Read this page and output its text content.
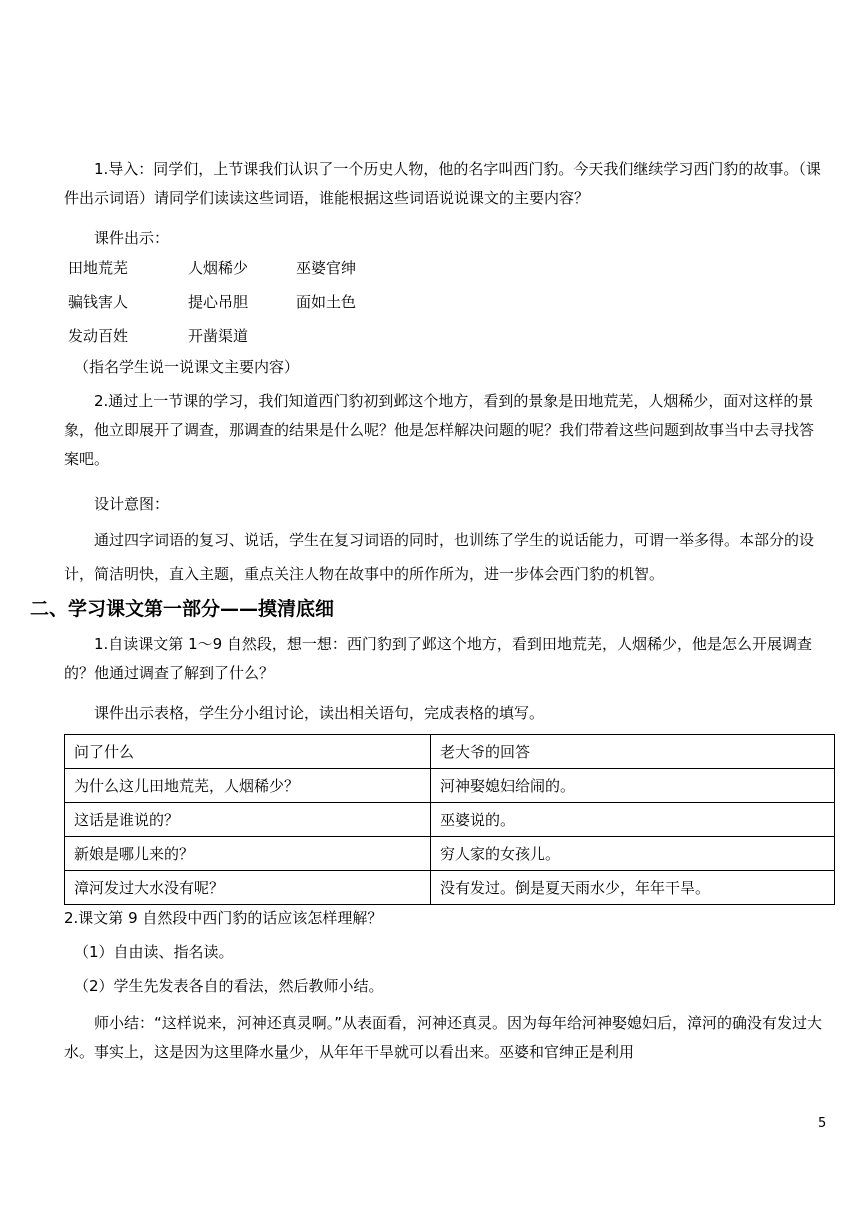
1.导入：同学们，上节课我们认识了一个历史人物，他的名字叫西门豹。今天我们继续学习西门豹的故事。（课件出示词语）请同学们读读这些词语，谁能根据这些词语说说课文的主要内容？

课件出示：

田地荒芜	人烟稀少	巫婆官绅
骗钱害人	提心吊胆	面如土色
发动百姓	开凿渠道

（指名学生说一说课文主要内容）

2.通过上一节课的学习，我们知道西门豹初到邺这个地方，看到的景象是田地荒芜，人烟稀少，面对这样的景象，他立即展开了调查，那调查的结果是什么呢？他是怎样解决问题的呢？我们带着这些问题到故事当中去寻找答案吧。

设计意图：

通过四字词语的复习、说话，学生在复习词语的同时，也训练了学生的说话能力，可谓一举多得。本部分的设计，简洁明快，直入主题，重点关注人物在故事中的所作所为，进一步体会西门豹的机智。

二、学习课文第一部分——摸清底细

1.自读课文第 1～9 自然段，想一想：西门豹到了邺这个地方，看到田地荒芜，人烟稀少，他是怎么开展调查的？他通过调查了解到了什么？

课件出示表格，学生分小组讨论，读出相关语句，完成表格的填写。

问了什么	老大爷的回答
为什么这儿田地荒芜，人烟稀少？	河神娶媳妇给闹的。
这话是谁说的？	巫婆说的。
新娘是哪儿来的？	穷人家的女孩儿。
漳河发过大水没有呢？	没有发过。倒是夏天雨水少，年年干旱。

2.课文第 9 自然段中西门豹的话应该怎样理解？

（1）自由读、指名读。

（2）学生先发表各自的看法，然后教师小结。

师小结：“这样说来，河神还真灵啊。”从表面看，河神还真灵。因为每年给河神娶媳妇后，漳河的确没有发过大水。事实上，这是因为这里降水量少，从年年干旱就可以看出来。巫婆和官绅正是利用

5
